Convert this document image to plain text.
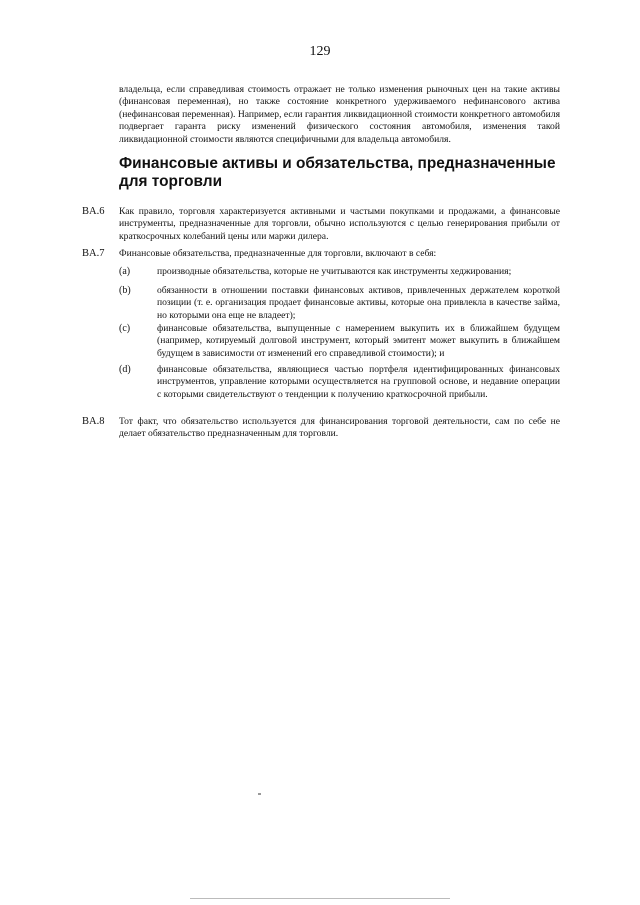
129

владельца, если справедливая стоимость отражает не только изменения рыночных цен на такие активы (финансовая переменная), но также состояние конкретного удерживаемого нефинансового актива (нефинансовая переменная). Например, если гарантия ликвидационной стоимости конкретного автомобиля подвергает гаранта риску изменений физического состояния автомобиля, изменения такой ликвидационной стоимости являются специфичными для владельца автомобиля.

Финансовые активы и обязательства, предназначенные для торговли
BA.6 Как правило, торговля характеризуется активными и частыми покупками и продажами, а финансовые инструменты, предназначенные для торговли, обычно используются с целью генерирования прибыли от краткосрочных колебаний цены или маржи дилера.
BA.7 Финансовые обязательства, предназначенные для торговли, включают в себя:
(a)	производные обязательства, которые не учитываются как инструменты хеджирования;
(b)	обязанности в отношении поставки финансовых активов, привлеченных держателем короткой позиции (т. е. организация продает финансовые активы, которые она привлекла в качестве займа, но которыми она еще не владеет);
(c)	финансовые обязательства, выпущенные с намерением выкупить их в ближайшем будущем (например, котируемый долговой инструмент, который эмитент может выкупить в ближайшем будущем в зависимости от изменений его справедливой стоимости); и
(d)	финансовые обязательства, являющиеся частью портфеля идентифицированных финансовых инструментов, управление которыми осуществляется на групповой основе, и недавние операции с которыми свидетельствуют о тенденции к получению краткосрочной прибыли.
BA.8 Тот факт, что обязательство используется для финансирования торговой деятельности, сам по себе не делает обязательство предназначенным для торговли.
